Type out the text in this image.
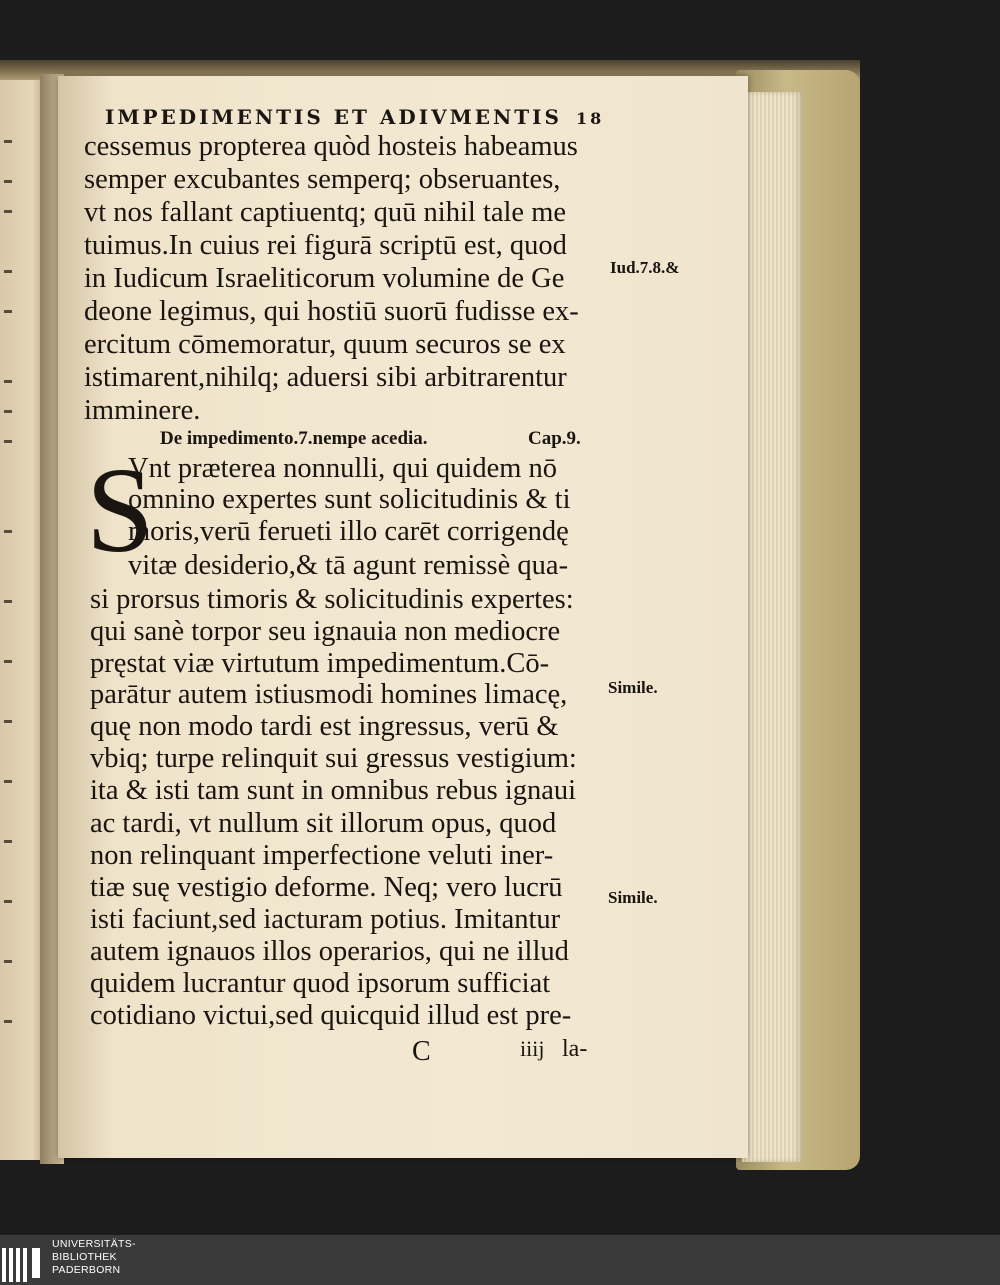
IMPEDIMENTIS ET ADIVMENTIS 18
cessemus propterea quòd hosteis habeamus
semper excubantes semperq; obseruantes,
vt nos fallant captiuentq; quū nihil tale me
tuimus.In cuius rei figurā scriptū est, quod
in Iudicum Israeliticorum volumine de Ge
deone legimus, qui hostiū suorū fudisse ex-
ercitum cōmemoratur, quum securos se ex
istimarent,nihilq; aduersi sibi arbitrarentur
imminere.
De impedimento.7.nempe acedia.	Cap.9.
S
Vnt præterea nonnulli, qui quidem nō
omnino expertes sunt solicitudinis & ti
moris,verū ferueti illo carēt corrigendę
vitæ desiderio,& tā agunt remissè qua-
si prorsus timoris & solicitudinis expertes:
qui sanè torpor seu ignauia non mediocre
pręstat viæ virtutum impedimentum.Cō-
parātur autem istiusmodi homines limacę,
quę non modo tardi est ingressus, verū &
vbiq; turpe relinquit sui gressus vestigium:
ita & isti tam sunt in omnibus rebus ignaui
ac tardi, vt nullum sit illorum opus, quod
non relinquant imperfectione veluti iner-
tiæ suę vestigio deforme. Neq; vero lucrū
isti faciunt,sed iacturam potius. Imitantur
autem ignauos illos operarios, qui ne illud
quidem lucrantur quod ipsorum sufficiat
cotidiano victui,sed quicquid illud est pre-
Iud.7.8.&
Simile.
Simile.
C	iiij la-
UNIVERSITÄTS-
BIBLIOTHEK
PADERBORN
